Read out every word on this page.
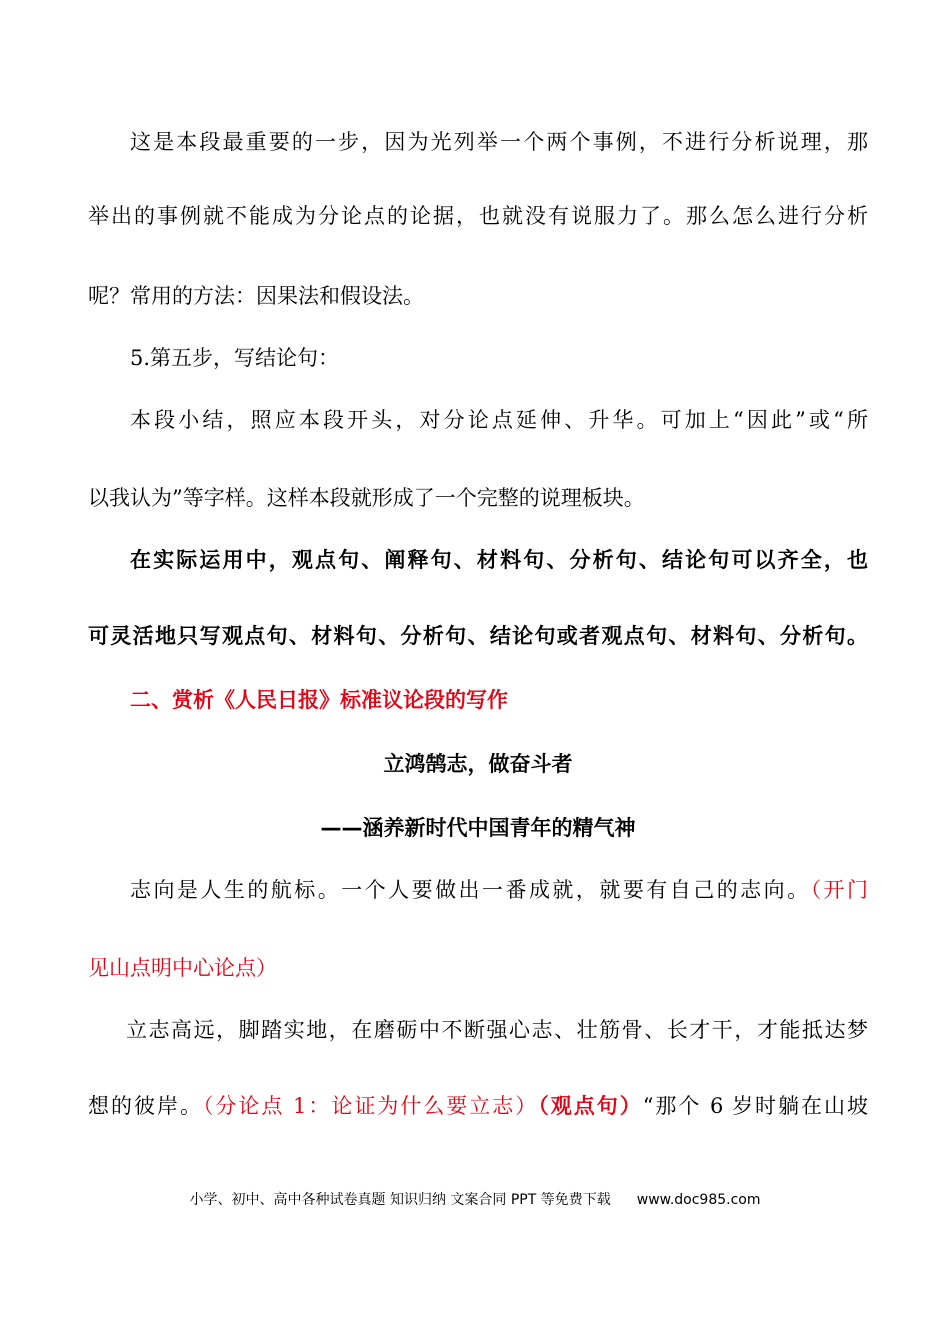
这是本段最重要的一步，因为光列举一个两个事例，不进行分析说理，那
举出的事例就不能成为分论点的论据，也就没有说服力了。那么怎么进行分析
呢？常用的方法：因果法和假设法。
5.第五步，写结论句：
本段小结，照应本段开头，对分论点延伸、升华。可加上“因此”或“所
以我认为”等字样。这样本段就形成了一个完整的说理板块。
在实际运用中，观点句、阐释句、材料句、分析句、结论句可以齐全，也
可灵活地只写观点句、材料句、分析句、结论句或者观点句、材料句、分析句。
二、赏析《人民日报》标准议论段的写作
立鸿鹄志，做奋斗者
——涵养新时代中国青年的精气神
志向是人生的航标。一个人要做出一番成就，就要有自己的志向。（开门
见山点明中心论点）
立志高远，脚踏实地，在磨砺中不断强心志、壮筋骨、长才干，才能抵达梦
想的彼岸。（分论点 1：论证为什么要立志）（观点句）“那个 6 岁时躺在山坡
小学、初中、高中各种试卷真题 知识归纳 文案合同 PPT 等免费下载 www.doc985.com
